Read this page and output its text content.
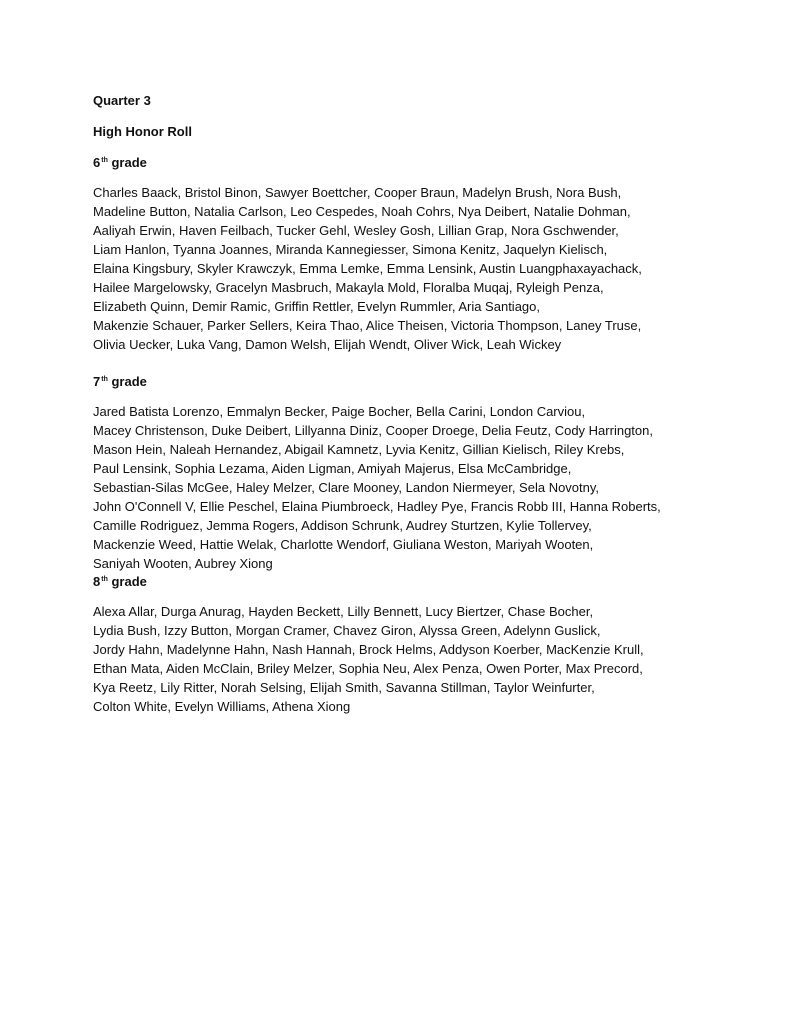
Quarter 3

High Honor Roll

6th grade

Charles Baack, Bristol Binon, Sawyer Boettcher, Cooper Braun, Madelyn Brush, Nora Bush,
Madeline Button, Natalia Carlson, Leo Cespedes, Noah Cohrs, Nya Deibert, Natalie Dohman,
Aaliyah Erwin, Haven Feilbach, Tucker Gehl, Wesley Gosh, Lillian Grap, Nora Gschwender,
Liam Hanlon, Tyanna Joannes, Miranda Kannegiesser, Simona Kenitz, Jaquelyn Kielisch,
Elaina Kingsbury, Skyler Krawczyk, Emma Lemke, Emma Lensink, Austin Luangphaxayachack,
Hailee Margelowsky, Gracelyn Masbruch, Makayla Mold, Floralba Muqaj, Ryleigh Penza,
Elizabeth Quinn, Demir Ramic, Griffin Rettler, Evelyn Rummler, Aria Santiago,
Makenzie Schauer, Parker Sellers, Keira Thao, Alice Theisen, Victoria Thompson, Laney Truse,
Olivia Uecker, Luka Vang, Damon Welsh, Elijah Wendt, Oliver Wick, Leah Wickey

7th grade

Jared Batista Lorenzo, Emmalyn Becker, Paige Bocher, Bella Carini, London Carviou,
Macey Christenson, Duke Deibert, Lillyanna Diniz, Cooper Droege, Delia Feutz, Cody Harrington,
Mason Hein, Naleah Hernandez, Abigail Kamnetz, Lyvia Kenitz, Gillian Kielisch, Riley Krebs,
Paul Lensink, Sophia Lezama, Aiden Ligman, Amiyah Majerus, Elsa McCambridge,
Sebastian-Silas McGee, Haley Melzer, Clare Mooney, Landon Niermeyer, Sela Novotny,
John O'Connell V, Ellie Peschel, Elaina Piumbroeck, Hadley Pye, Francis Robb III, Hanna Roberts,
Camille Rodriguez, Jemma Rogers, Addison Schrunk, Audrey Sturtzen, Kylie Tollervey,
Mackenzie Weed, Hattie Welak, Charlotte Wendorf, Giuliana Weston, Mariyah Wooten,
Saniyah Wooten, Aubrey Xiong

8th grade

Alexa Allar, Durga Anurag, Hayden Beckett, Lilly Bennett, Lucy Biertzer, Chase Bocher,
Lydia Bush, Izzy Button, Morgan Cramer, Chavez Giron, Alyssa Green, Adelynn Guslick,
Jordy Hahn, Madelynne Hahn, Nash Hannah, Brock Helms, Addyson Koerber, MacKenzie Krull,
Ethan Mata, Aiden McClain, Briley Melzer, Sophia Neu, Alex Penza, Owen Porter, Max Precord,
Kya Reetz, Lily Ritter, Norah Selsing, Elijah Smith, Savanna Stillman, Taylor Weinfurter,
Colton White, Evelyn Williams, Athena Xiong
